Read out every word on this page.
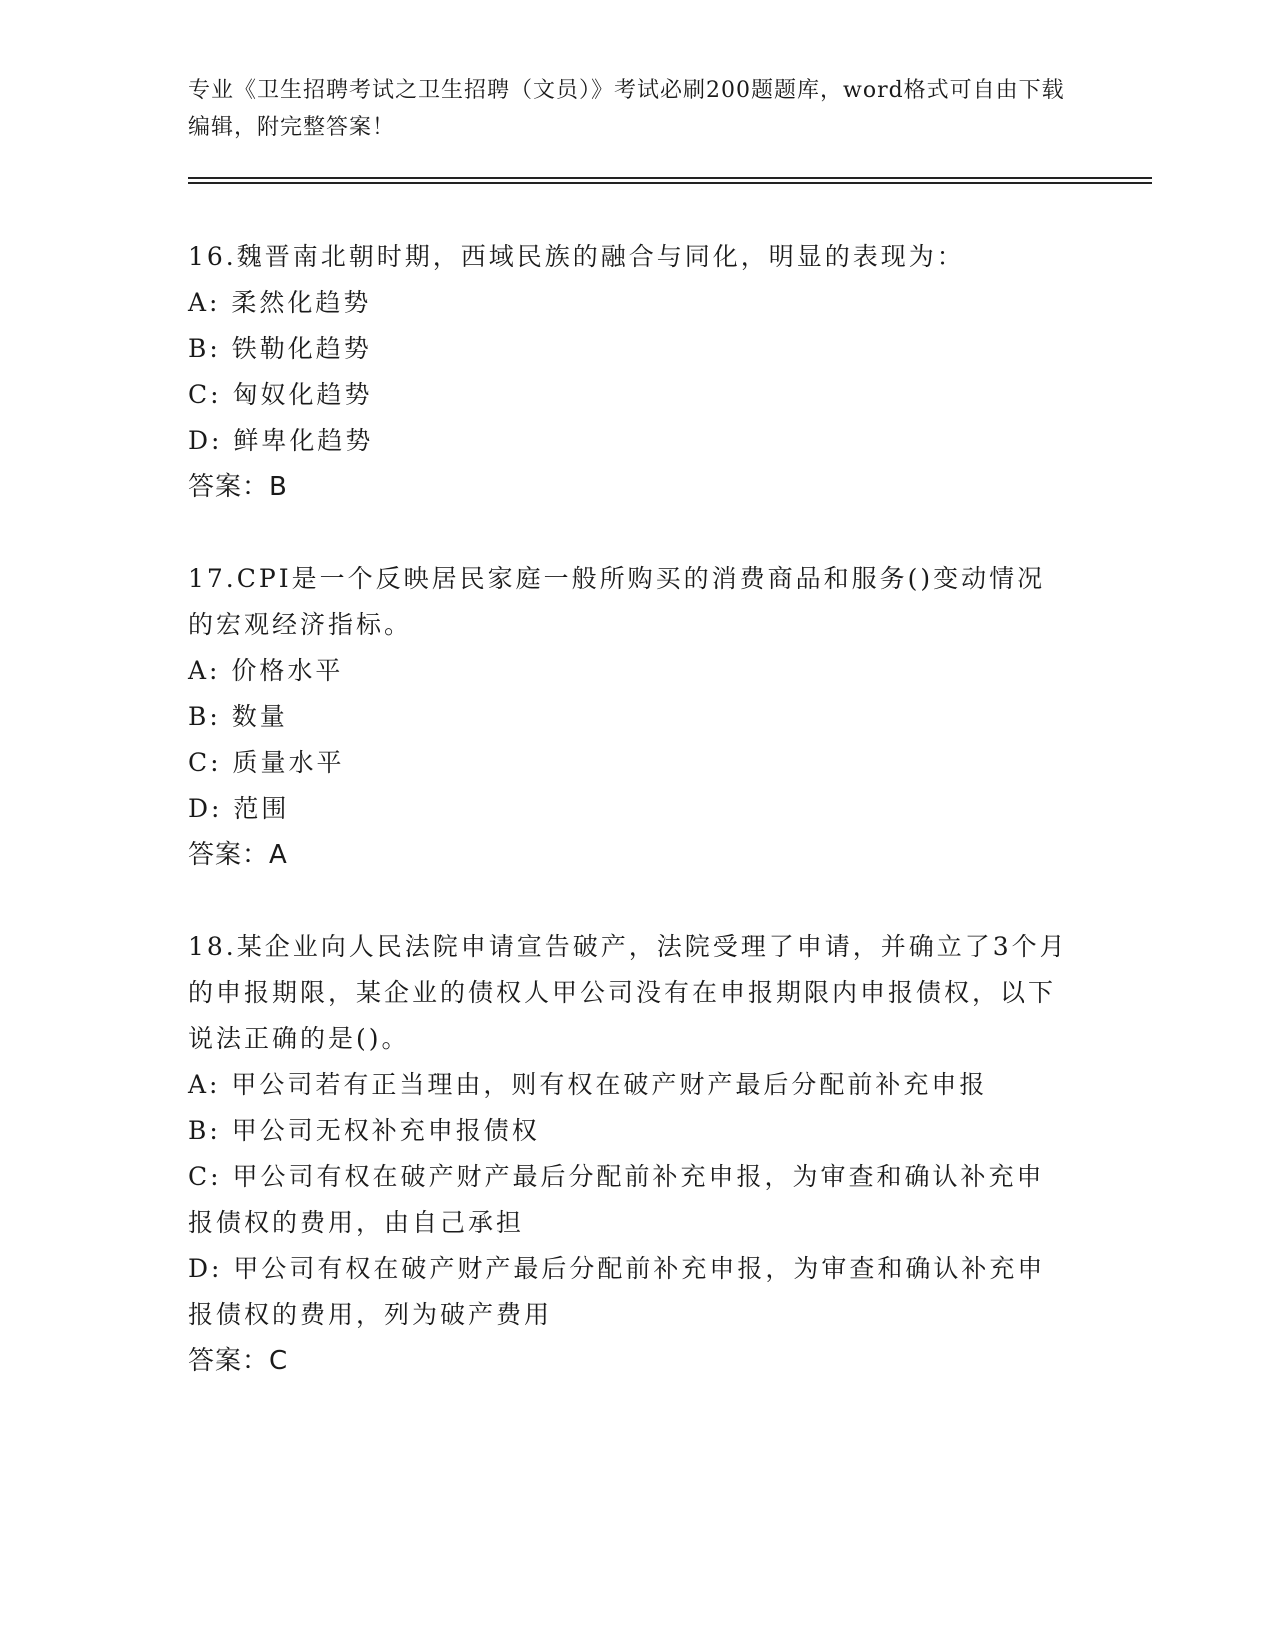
专业《卫生招聘考试之卫生招聘（文员）》考试必刷200题题库，word格式可自由下载编辑，附完整答案！
16.魏晋南北朝时期，西域民族的融合与同化，明显的表现为：
A: 柔然化趋势
B: 铁勒化趋势
C: 匈奴化趋势
D: 鲜卑化趋势
答案：B
17.CPI是一个反映居民家庭一般所购买的消费商品和服务()变动情况的宏观经济指标。
A: 价格水平
B: 数量
C: 质量水平
D: 范围
答案：A
18.某企业向人民法院申请宣告破产，法院受理了申请，并确立了3个月的申报期限，某企业的债权人甲公司没有在申报期限内申报债权，以下说法正确的是()。
A: 甲公司若有正当理由，则有权在破产财产最后分配前补充申报
B: 甲公司无权补充申报债权
C: 甲公司有权在破产财产最后分配前补充申报，为审查和确认补充申报债权的费用，由自己承担
D: 甲公司有权在破产财产最后分配前补充申报，为审查和确认补充申报债权的费用，列为破产费用
答案：C
